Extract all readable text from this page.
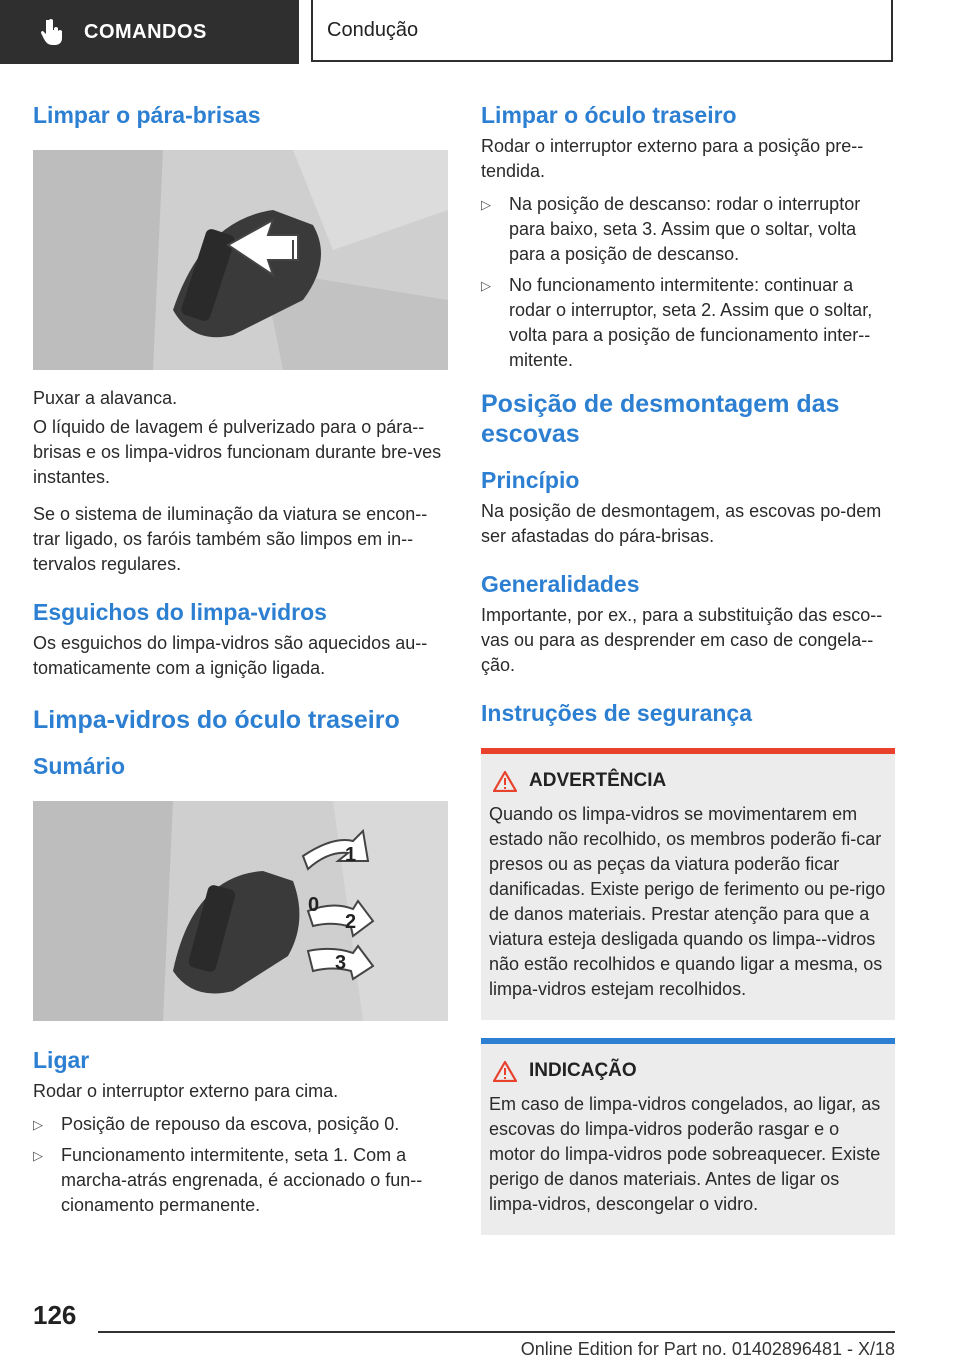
COMANDOS	Condução
Limpar o pára-brisas

Puxar a alavanca.

O líquido de lavagem é pulverizado para o pára--brisas e os limpa-vidros funcionam durante bre-ves instantes.

Se o sistema de iluminação da viatura se encon-trar ligado, os faróis também são limpos em in-tervalos regulares.

Esguichos do limpa-vidros

Os esguichos do limpa-vidros são aquecidos au-tomaticamente com a ignição ligada.

Limpa-vidros do óculo traseiro
Sumário
1
0
2
3
Ligar

Rodar o interruptor externo para cima.

▷ Posição de repouso da escova, posição 0.
▷ Funcionamento intermitente, seta 1. Com a marcha-atrás engrenada, é accionado o fun-cionamento permanente.
Limpar o óculo traseiro

Rodar o interruptor externo para a posição pre-tendida.

▷ Na posição de descanso: rodar o interruptor para baixo, seta 3. Assim que o soltar, volta para a posição de descanso.
▷ No funcionamento intermitente: continuar a rodar o interruptor, seta 2. Assim que o soltar, volta para a posição de funcionamento inter-mitente.
Posição de desmontagem das escovas
Princípio

Na posição de desmontagem, as escovas po-dem ser afastadas do pára-brisas.

Generalidades

Importante, por ex., para a substituição das esco-vas ou para as desprender em caso de congela-ção.

Instruções de segurança
ADVERTÊNCIA

Quando os limpa-vidros se movimentarem em estado não recolhido, os membros poderão fi-car presos ou as peças da viatura poderão ficar danificadas. Existe perigo de ferimento ou pe-rigo de danos materiais. Prestar atenção para que a viatura esteja desligada quando os limpa--vidros não estão recolhidos e quando ligar a mesma, os limpa-vidros estejam recolhidos.

INDICAÇÃO

Em caso de limpa-vidros congelados, ao ligar, as escovas do limpa-vidros poderão rasgar e o motor do limpa-vidros pode sobreaquecer. Existe perigo de danos materiais. Antes de ligar os limpa-vidros, descongelar o vidro.

126
Online Edition for Part no. 01402896481 - X/18
